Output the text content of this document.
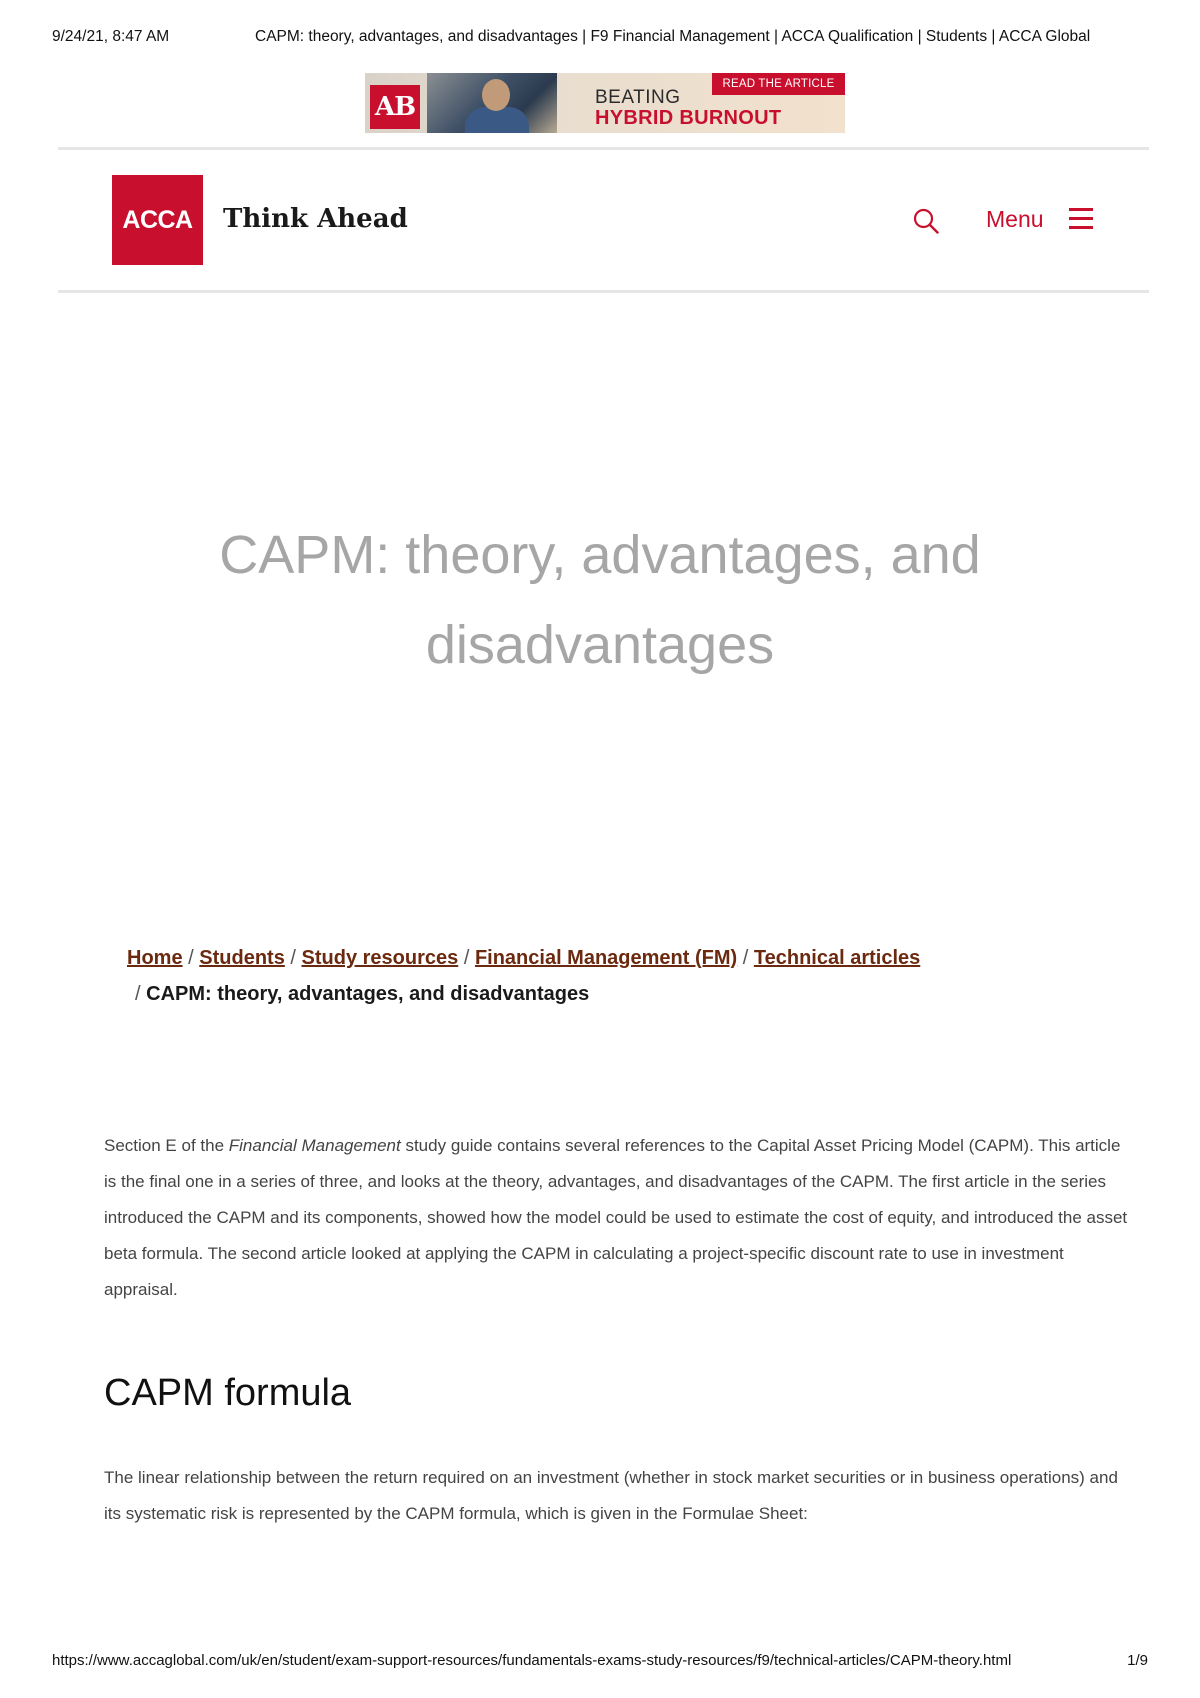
9/24/21, 8:47 AM	CAPM: theory, advantages, and disadvantages | F9 Financial Management | ACCA Qualification | Students | ACCA Global
AB
READ THE ARTICLE
BEATING
HYBRID BURNOUT
ACCA	Think Ahead	Menu
CAPM: theory, advantages, and disadvantages
Home / Students / Study resources / Financial Management (FM) / Technical articles
/ CAPM: theory, advantages, and disadvantages

Section E of the Financial Management study guide contains several references to the Capital Asset Pricing Model (CAPM). This article is the final one in a series of three, and looks at the theory, advantages, and disadvantages of the CAPM. The first article in the series introduced the CAPM and its components, showed how the model could be used to estimate the cost of equity, and introduced the asset beta formula. The second article looked at applying the CAPM in calculating a project-specific discount rate to use in investment appraisal.

CAPM formula

The linear relationship between the return required on an investment (whether in stock market securities or in business operations) and its systematic risk is represented by the CAPM formula, which is given in the Formulae Sheet:

https://www.accaglobal.com/uk/en/student/exam-support-resources/fundamentals-exams-study-resources/f9/technical-articles/CAPM-theory.html	1/9
